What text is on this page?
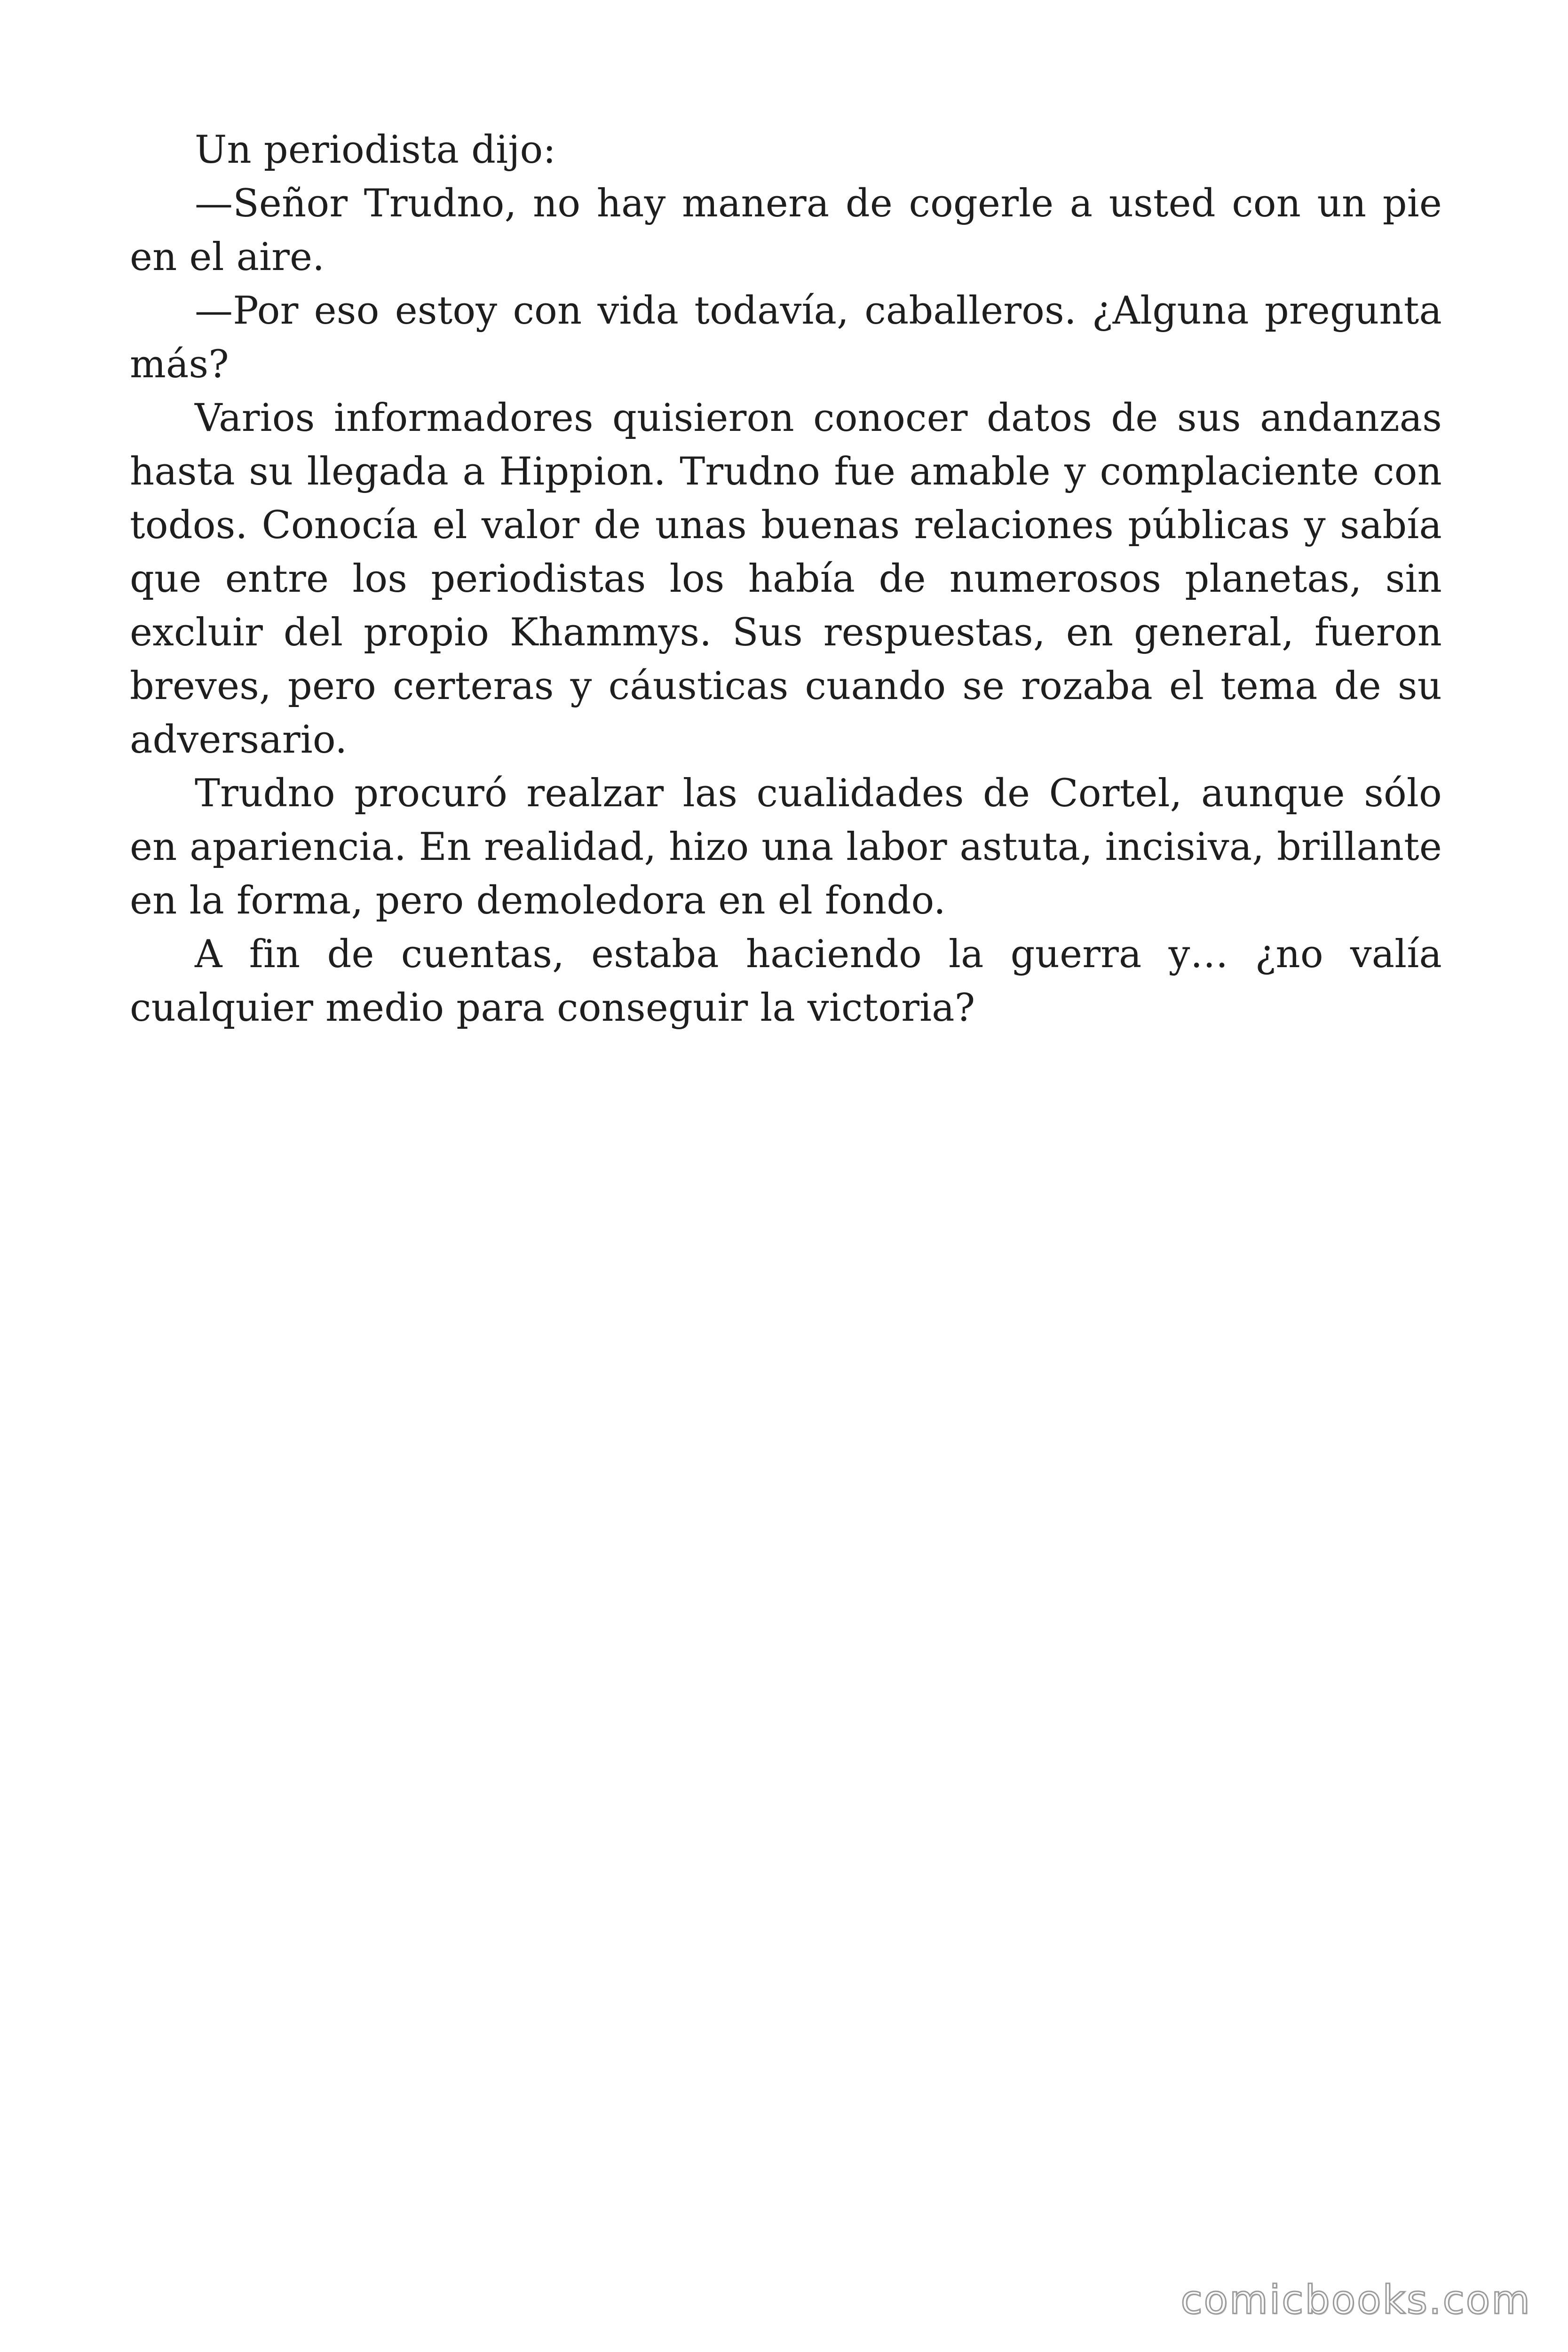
Un periodista dijo:

—Señor Trudno, no hay manera de cogerle a usted con un pie en el aire.

—Por eso estoy con vida todavía, caballeros. ¿Alguna pregunta más?

Varios informadores quisieron conocer datos de sus andanzas hasta su llegada a Hippion. Trudno fue amable y complaciente con todos. Conocía el valor de unas buenas relaciones públicas y sabía que entre los periodistas los había de numerosos planetas, sin excluir del propio Khammys. Sus respuestas, en general, fueron breves, pero certeras y cáusticas cuando se rozaba el tema de su adversario.

Trudno procuró realzar las cualidades de Cortel, aunque sólo en apariencia. En realidad, hizo una labor astuta, incisiva, brillante en la forma, pero demoledora en el fondo.

A fin de cuentas, estaba haciendo la guerra y… ¿no valía cualquier medio para conseguir la victoria?

comicbooks.com
